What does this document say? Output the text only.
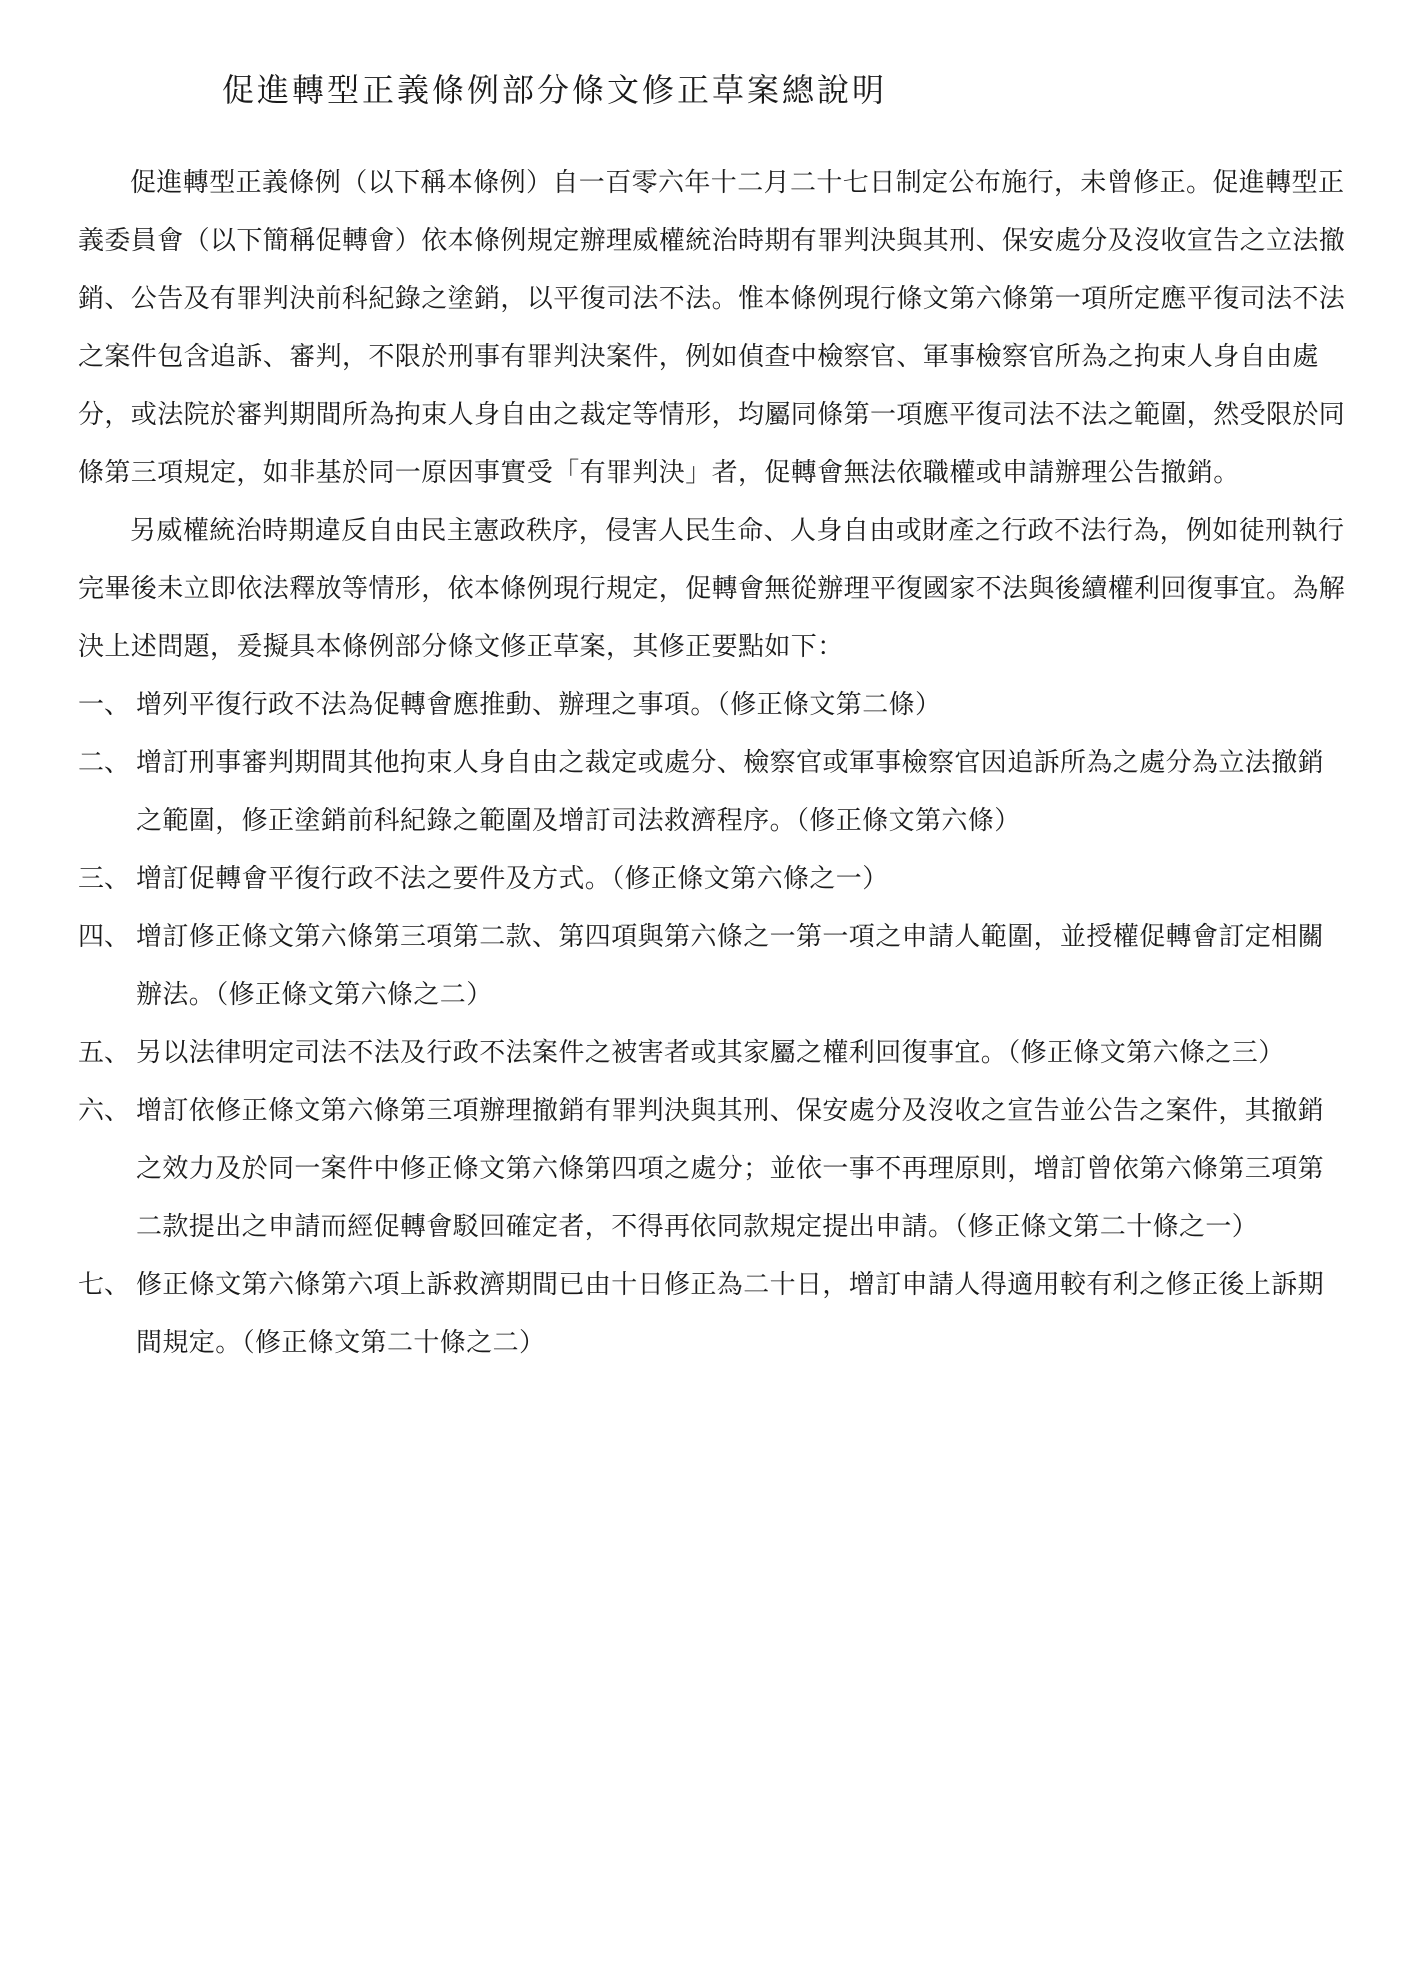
促進轉型正義條例部分條文修正草案總說明

促進轉型正義條例（以下稱本條例）自一百零六年十二月二十七日制定公布施行，未曾修正。促進轉型正義委員會（以下簡稱促轉會）依本條例規定辦理威權統治時期有罪判決與其刑、保安處分及沒收宣告之立法撤銷、公告及有罪判決前科紀錄之塗銷，以平復司法不法。惟本條例現行條文第六條第一項所定應平復司法不法之案件包含追訴、審判，不限於刑事有罪判決案件，例如偵查中檢察官、軍事檢察官所為之拘束人身自由處分，或法院於審判期間所為拘束人身自由之裁定等情形，均屬同條第一項應平復司法不法之範圍，然受限於同條第三項規定，如非基於同一原因事實受「有罪判決」者，促轉會無法依職權或申請辦理公告撤銷。

另威權統治時期違反自由民主憲政秩序，侵害人民生命、人身自由或財產之行政不法行為，例如徒刑執行完畢後未立即依法釋放等情形，依本條例現行規定，促轉會無從辦理平復國家不法與後續權利回復事宜。為解決上述問題，爰擬具本條例部分條文修正草案，其修正要點如下：

一、 增列平復行政不法為促轉會應推動、辦理之事項。（修正條文第二條）
二、 增訂刑事審判期間其他拘束人身自由之裁定或處分、檢察官或軍事檢察官因追訴所為之處分為立法撤銷之範圍，修正塗銷前科紀錄之範圍及增訂司法救濟程序。（修正條文第六條）
三、 增訂促轉會平復行政不法之要件及方式。（修正條文第六條之一）
四、 增訂修正條文第六條第三項第二款、第四項與第六條之一第一項之申請人範圍，並授權促轉會訂定相關辦法。（修正條文第六條之二）
五、 另以法律明定司法不法及行政不法案件之被害者或其家屬之權利回復事宜。（修正條文第六條之三）
六、 增訂依修正條文第六條第三項辦理撤銷有罪判決與其刑、保安處分及沒收之宣告並公告之案件，其撤銷之效力及於同一案件中修正條文第六條第四項之處分；並依一事不再理原則，增訂曾依第六條第三項第二款提出之申請而經促轉會駁回確定者，不得再依同款規定提出申請。（修正條文第二十條之一）
七、 修正條文第六條第六項上訴救濟期間已由十日修正為二十日，增訂申請人得適用較有利之修正後上訴期間規定。（修正條文第二十條之二）
